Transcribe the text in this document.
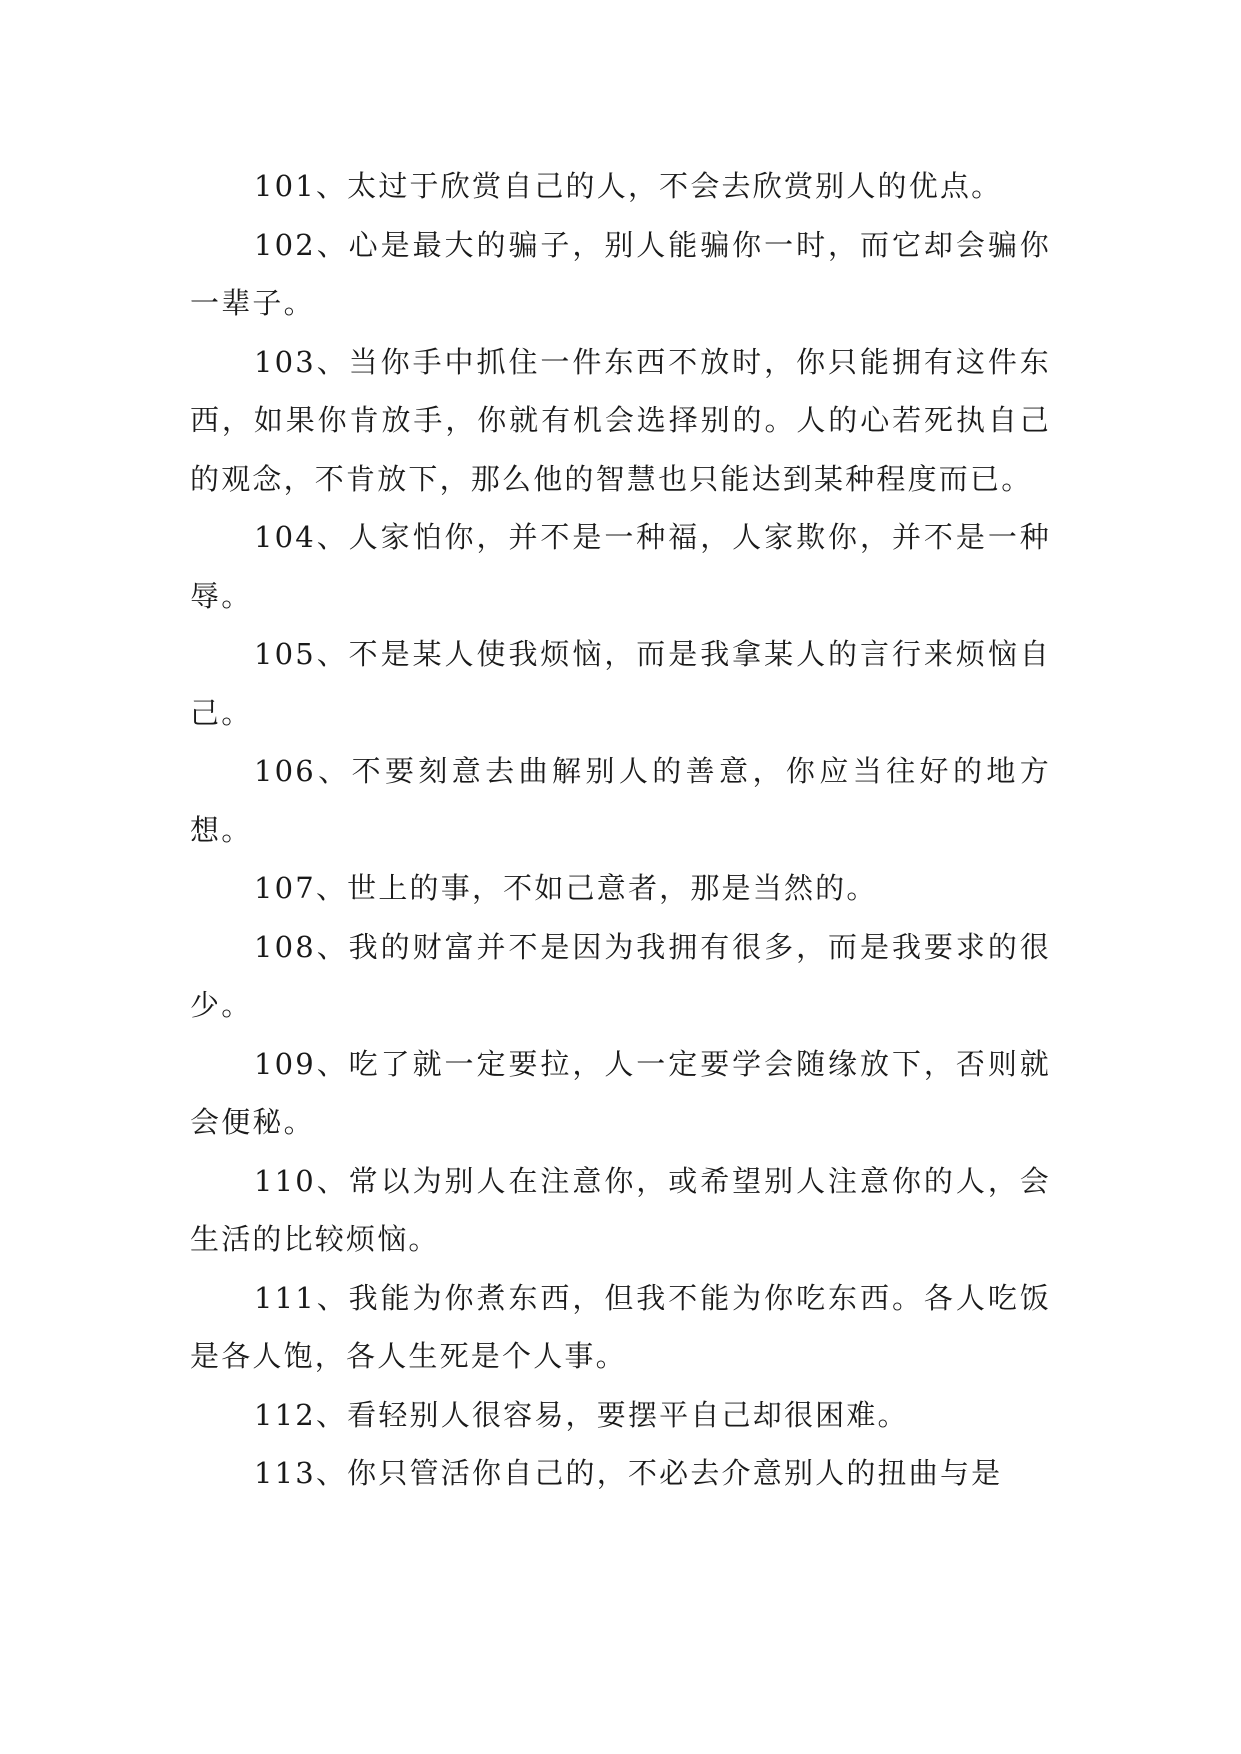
101、太过于欣赏自己的人，不会去欣赏别人的优点。

102、心是最大的骗子，别人能骗你一时，而它却会骗你一辈子。

103、当你手中抓住一件东西不放时，你只能拥有这件东西，如果你肯放手，你就有机会选择别的。人的心若死执自己的观念，不肯放下，那么他的智慧也只能达到某种程度而已。

104、人家怕你，并不是一种福，人家欺你，并不是一种辱。

105、不是某人使我烦恼，而是我拿某人的言行来烦恼自己。

106、不要刻意去曲解别人的善意，你应当往好的地方想。

107、世上的事，不如己意者，那是当然的。

108、我的财富并不是因为我拥有很多，而是我要求的很少。

109、吃了就一定要拉，人一定要学会随缘放下，否则就会便秘。

110、常以为别人在注意你，或希望别人注意你的人，会生活的比较烦恼。

111、我能为你煮东西，但我不能为你吃东西。各人吃饭是各人饱，各人生死是个人事。

112、看轻别人很容易，要摆平自己却很困难。

113、你只管活你自己的，不必去介意别人的扭曲与是
